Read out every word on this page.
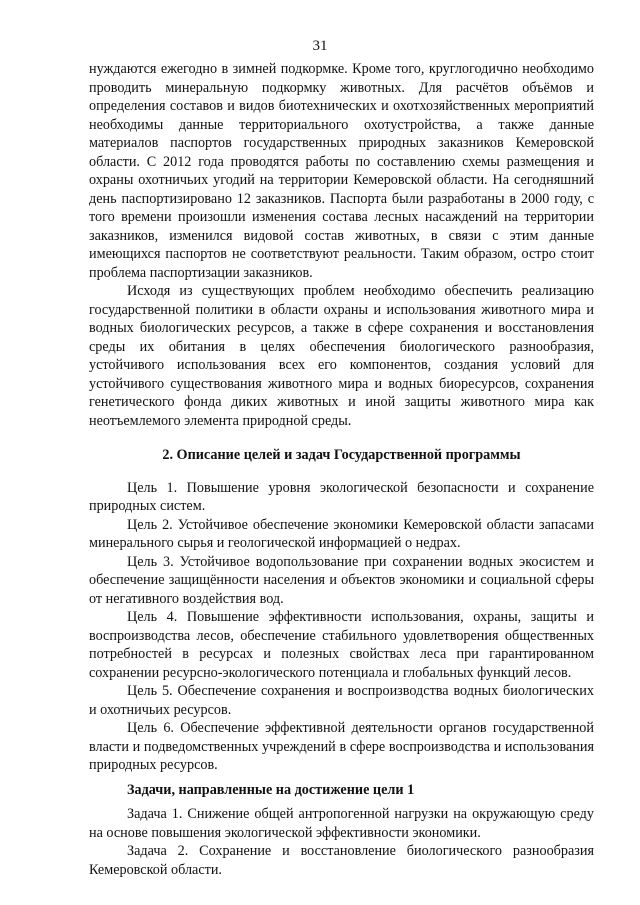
31

нуждаются ежегодно в зимней подкормке. Кроме того, круглогодично необходимо проводить минеральную подкормку животных. Для расчётов объёмов и определения составов и видов биотехнических и охотхозяйственных мероприятий необходимы данные территориального охотустройства, а также данные материалов паспортов государственных природных заказников Кемеровской области. С 2012 года проводятся работы по составлению схемы размещения и охраны охотничьих угодий на территории Кемеровской области. На сегодняшний день паспортизировано 12 заказников. Паспорта были разработаны в 2000 году, с того времени произошли изменения состава лесных насаждений на территории заказников, изменился видовой состав животных, в связи с этим данные имеющихся паспортов не соответствуют реальности. Таким образом, остро стоит проблема паспортизации заказников.

Исходя из существующих проблем необходимо обеспечить реализацию государственной политики в области охраны и использования животного мира и водных биологических ресурсов, а также в сфере сохранения и восстановления среды их обитания в целях обеспечения биологического разнообразия, устойчивого использования всех его компонентов, создания условий для устойчивого существования животного мира и водных биоресурсов, сохранения генетического фонда диких животных и иной защиты животного мира как неотъемлемого элемента природной среды.

2. Описание целей и задач Государственной программы

Цель 1. Повышение уровня экологической безопасности и сохранение природных систем.

Цель 2. Устойчивое обеспечение экономики Кемеровской области запасами минерального сырья и геологической информацией о недрах.

Цель 3. Устойчивое водопользование при сохранении водных экосистем и обеспечение защищённости населения и объектов экономики и социальной сферы от негативного воздействия вод.

Цель 4. Повышение эффективности использования, охраны, защиты и воспроизводства лесов, обеспечение стабильного удовлетворения общественных потребностей в ресурсах и полезных свойствах леса при гарантированном сохранении ресурсно-экологического потенциала и глобальных функций лесов.

Цель 5. Обеспечение сохранения и воспроизводства водных биологических и охотничьих ресурсов.

Цель 6. Обеспечение эффективной деятельности органов государственной власти и подведомственных учреждений в сфере воспроизводства и использования природных ресурсов.

Задачи, направленные на достижение цели 1

Задача 1. Снижение общей антропогенной нагрузки на окружающую среду на основе повышения экологической эффективности экономики.

Задача 2. Сохранение и восстановление биологического разнообразия Кемеровской области.
